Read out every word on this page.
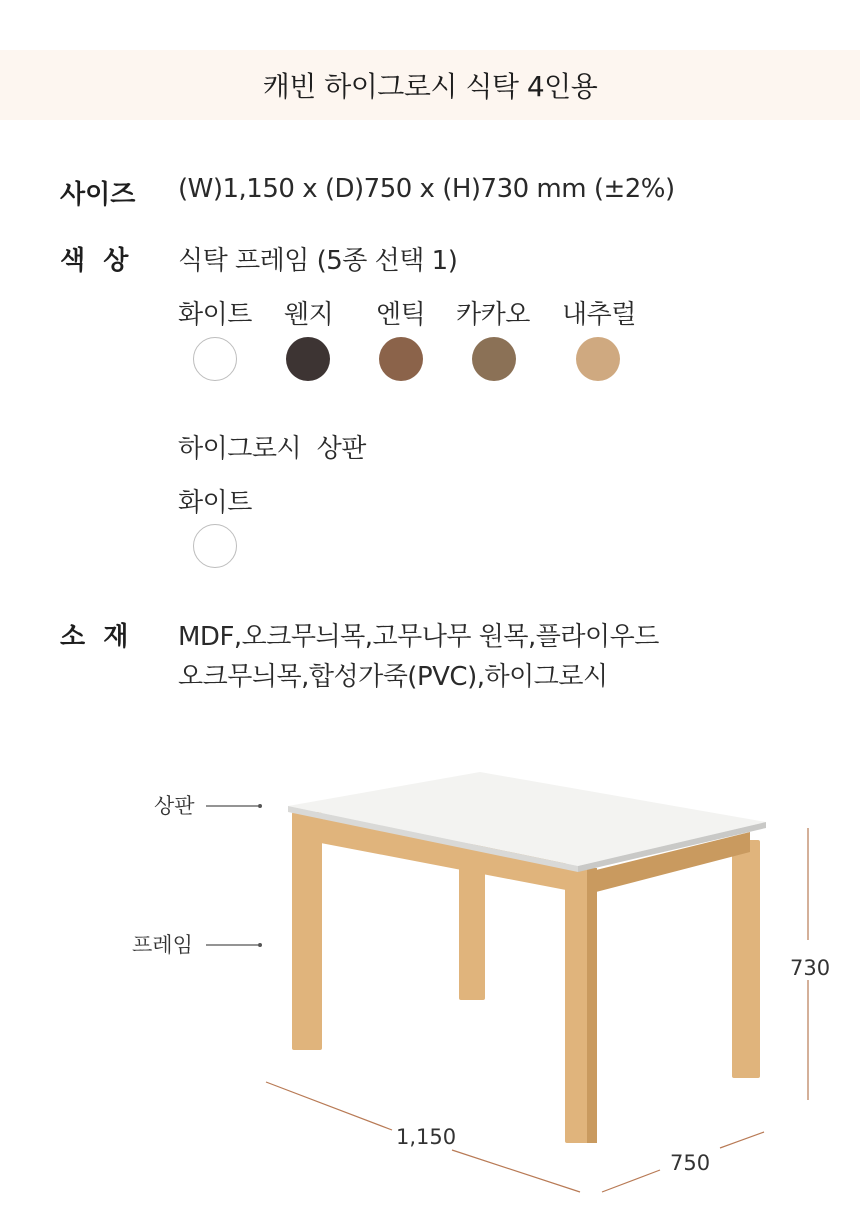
캐빈 하이그로시 식탁 4인용
사이즈 (W)1,150 x (D)750 x (H)730 mm (±2%)
색  상 식탁 프레임 (5종 선택 1)
화이트 웬지 엔틱 카카오 내추럴
하이그로시  상판
화이트
소  재 MDF,오크무늬목,고무나무 원목,플라이우드
오크무늬목,합성가죽(PVC),하이그로시
상판
프레임
1,150
750
730
